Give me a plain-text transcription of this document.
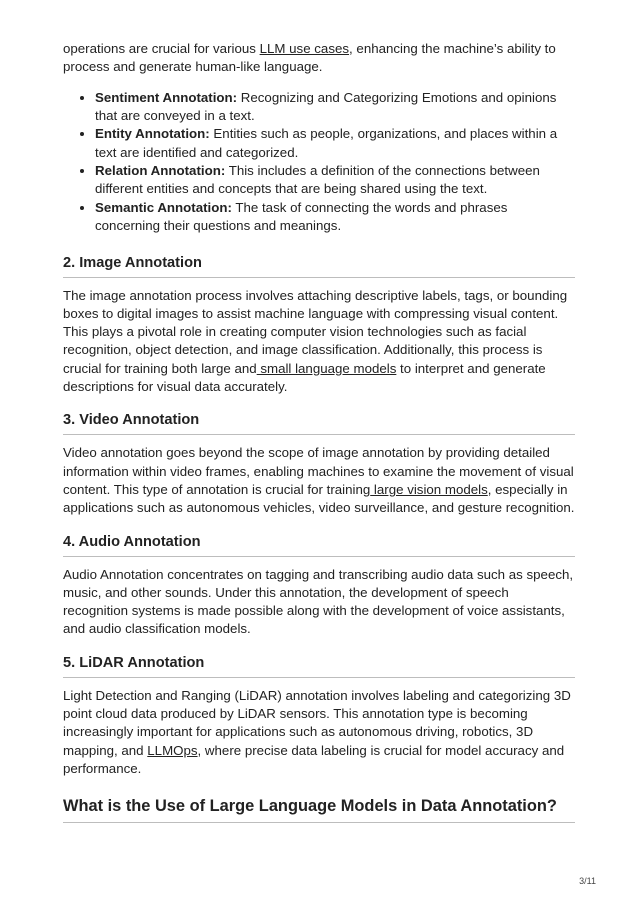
operations are crucial for various LLM use cases, enhancing the machine’s ability to process and generate human-like language.

• Sentiment Annotation: Recognizing and Categorizing Emotions and opinions that are conveyed in a text.
• Entity Annotation: Entities such as people, organizations, and places within a text are identified and categorized.
• Relation Annotation: This includes a definition of the connections between different entities and concepts that are being shared using the text.
• Semantic Annotation: The task of connecting the words and phrases concerning their questions and meanings.
2. Image Annotation

The image annotation process involves attaching descriptive labels, tags, or bounding boxes to digital images to assist machine language with compressing visual content. This plays a pivotal role in creating computer vision technologies such as facial recognition, object detection, and image classification. Additionally, this process is crucial for training both large and small language models to interpret and generate descriptions for visual data accurately.

3. Video Annotation

Video annotation goes beyond the scope of image annotation by providing detailed information within video frames, enabling machines to examine the movement of visual content. This type of annotation is crucial for training large vision models, especially in applications such as autonomous vehicles, video surveillance, and gesture recognition.

4. Audio Annotation

Audio Annotation concentrates on tagging and transcribing audio data such as speech, music, and other sounds. Under this annotation, the development of speech recognition systems is made possible along with the development of voice assistants, and audio classification models.

5. LiDAR Annotation

Light Detection and Ranging (LiDAR) annotation involves labeling and categorizing 3D point cloud data produced by LiDAR sensors. This annotation type is becoming increasingly important for applications such as autonomous driving, robotics, 3D mapping, and LLMOps, where precise data labeling is crucial for model accuracy and performance.

What is the Use of Large Language Models in Data Annotation?
3/11
